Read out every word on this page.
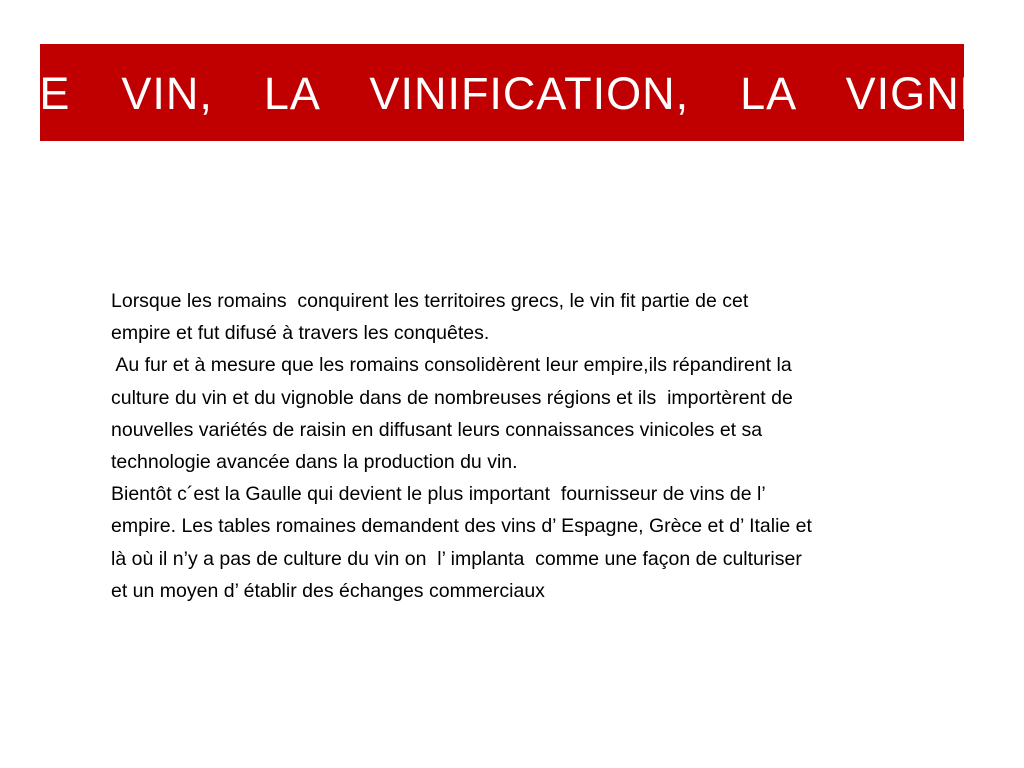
LE  VIN,  LA  VINIFICATION,  LA  VIGNE
Lorsque les romains  conquirent les territoires grecs, le vin fit partie de cet
empire et fut difusé à travers les conquêtes.
Au fur et à mesure que les romains consolidèrent leur empire,ils répandirent la
culture du vin et du vignoble dans de nombreuses régions et ils  importèrent de
nouvelles variétés de raisin en diffusant leurs connaissances vinicoles et sa
technologie avancée dans la production du vin.
Bientôt c´est la Gaulle qui devient le plus important  fournisseur de vins de l’
empire. Les tables romaines demandent des vins d’ Espagne, Grèce et d’ Italie et
là où il n’y a pas de culture du vin on  l’ implanta  comme une façon de culturiser
et un moyen d’ établir des échanges commerciaux
